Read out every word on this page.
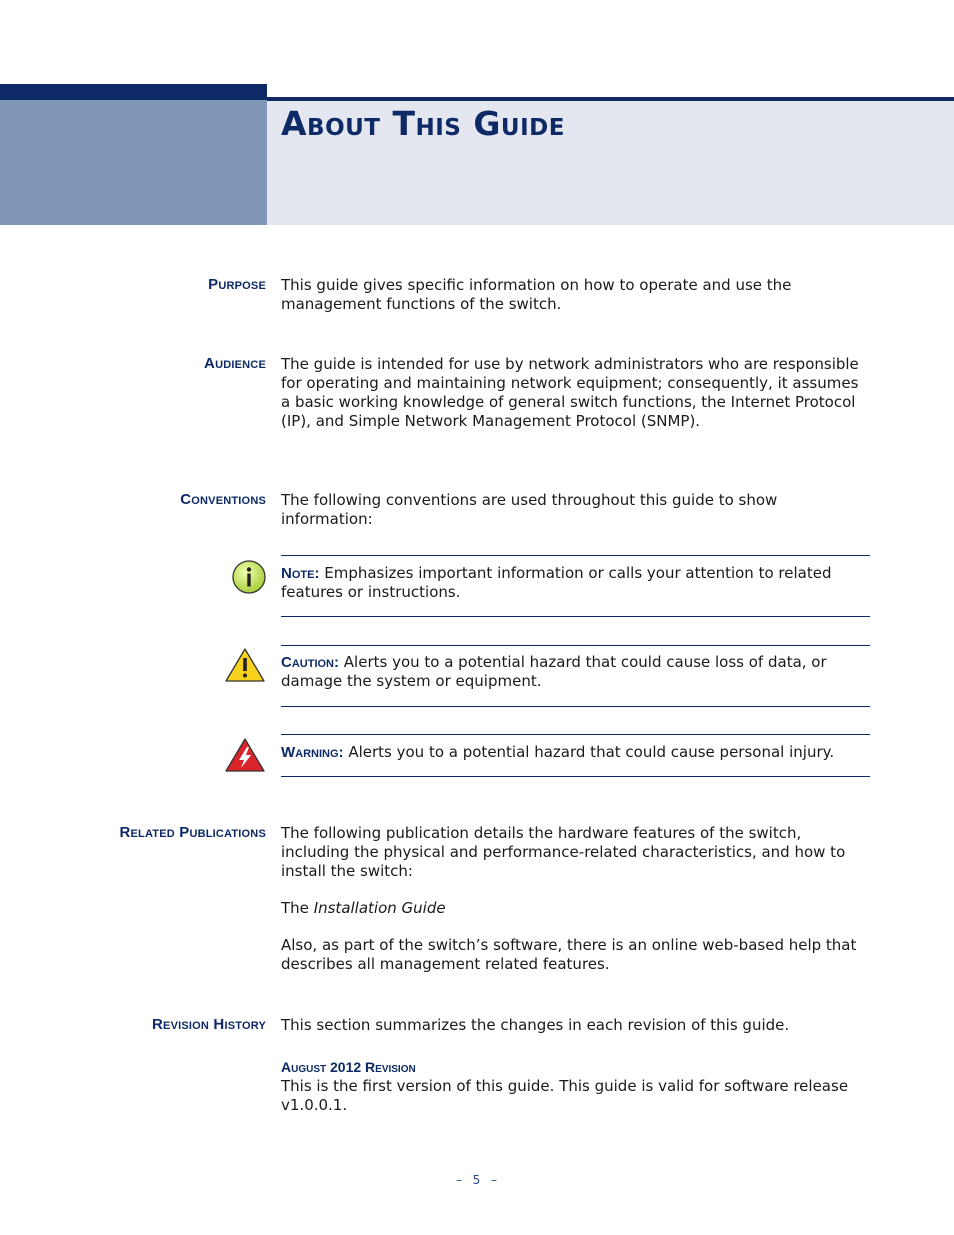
About This Guide
Purpose This guide gives specific information on how to operate and use the management functions of the switch.

Audience The guide is intended for use by network administrators who are responsible for operating and maintaining network equipment; consequently, it assumes a basic working knowledge of general switch functions, the Internet Protocol (IP), and Simple Network Management Protocol (SNMP).

Conventions The following conventions are used throughout this guide to show information:

Note: Emphasizes important information or calls your attention to related features or instructions.

Caution: Alerts you to a potential hazard that could cause loss of data, or damage the system or equipment.

Warning: Alerts you to a potential hazard that could cause personal injury.

Related Publications The following publication details the hardware features of the switch, including the physical and performance-related characteristics, and how to install the switch:

The Installation Guide

Also, as part of the switch’s software, there is an online web-based help that describes all management related features.

Revision History This section summarizes the changes in each revision of this guide.

August 2012 Revision

This is the first version of this guide. This guide is valid for software release v1.0.0.1.

– 5 –
